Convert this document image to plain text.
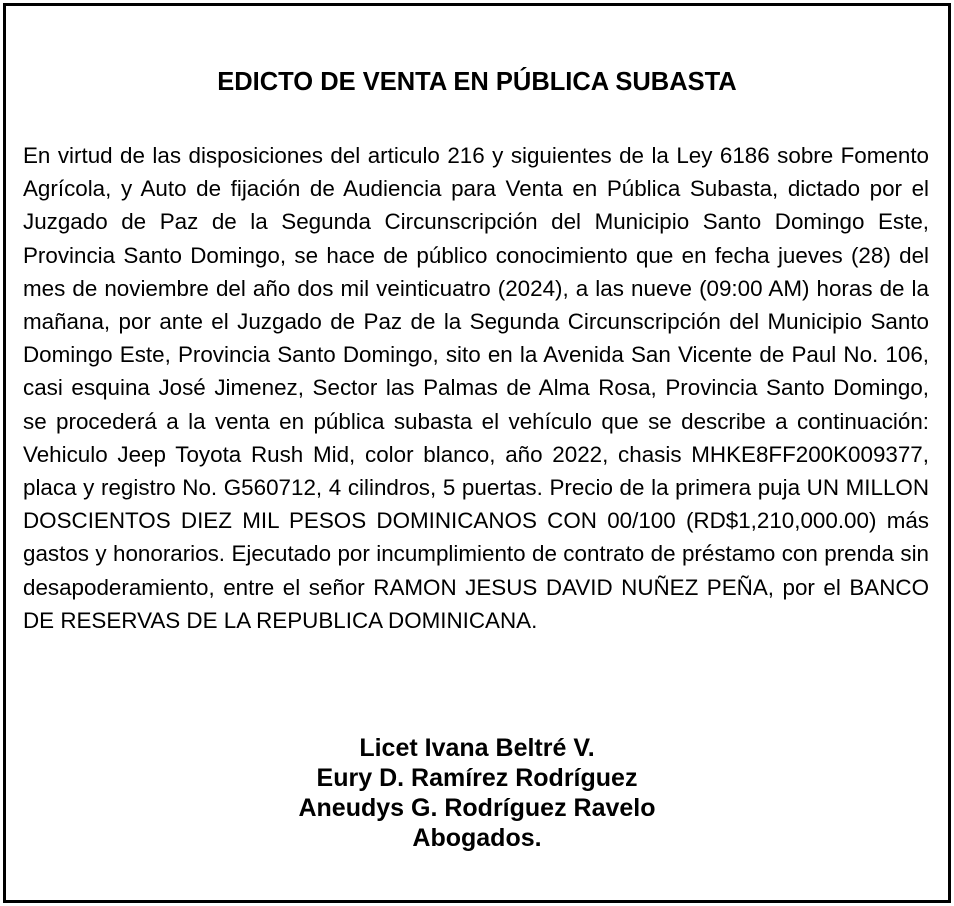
EDICTO DE VENTA EN PÚBLICA SUBASTA

En virtud de las disposiciones del articulo 216 y siguientes de la Ley 6186 sobre Fomento Agrícola, y Auto de fijación de Audiencia para Venta en Pública Subasta, dictado por el Juzgado de Paz de la Segunda Circunscripción del Municipio Santo Domingo Este, Provincia Santo Domingo, se hace de público conocimiento que en fecha jueves (28) del mes de noviembre del año dos mil veinticuatro (2024), a las nueve (09:00 AM) horas de la mañana, por ante el Juzgado de Paz de la Segunda Circunscripción del Municipio Santo Domingo Este, Provincia Santo Domingo, sito en la Avenida San Vicente de Paul No. 106, casi esquina José Jimenez, Sector las Palmas de Alma Rosa, Provincia Santo Domingo, se procederá a la venta en pública subasta el vehículo que se describe a continuación: Vehiculo Jeep Toyota Rush Mid, color blanco, año 2022, chasis MHKE8FF200K009377, placa y registro No. G560712, 4 cilindros, 5 puertas. Precio de la primera puja UN MILLON DOSCIENTOS DIEZ MIL PESOS DOMINICANOS CON 00/100 (RD$1,210,000.00) más gastos y honorarios. Ejecutado por incumplimiento de contrato de préstamo con prenda sin desapoderamiento, entre el señor RAMON JESUS DAVID NUÑEZ PEÑA, por el BANCO DE RESERVAS DE LA REPUBLICA DOMINICANA.

Licet Ivana Beltré V.
Eury D. Ramírez Rodríguez
Aneudys G. Rodríguez Ravelo
Abogados.
